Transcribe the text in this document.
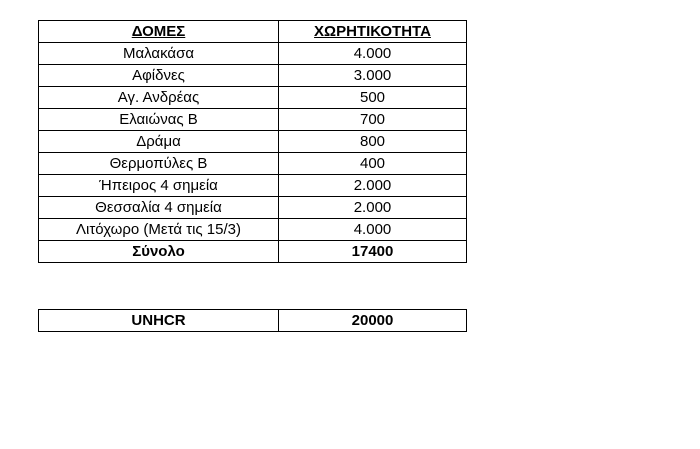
ΔΟΜΕΣ	ΧΩΡΗΤΙΚΟΤΗΤΑ
Μαλακάσα	4.000
Αφίδνες	3.000
Αγ. Ανδρέας	500
Ελαιώνας Β	700
Δράμα	800
Θερμοπύλες Β	400
Ήπειρος 4 σημεία	2.000
Θεσσαλία 4 σημεία	2.000
Λιτόχωρο (Μετά τις 15/3)	4.000
Σύνολο	17400
UNHCR	20000
